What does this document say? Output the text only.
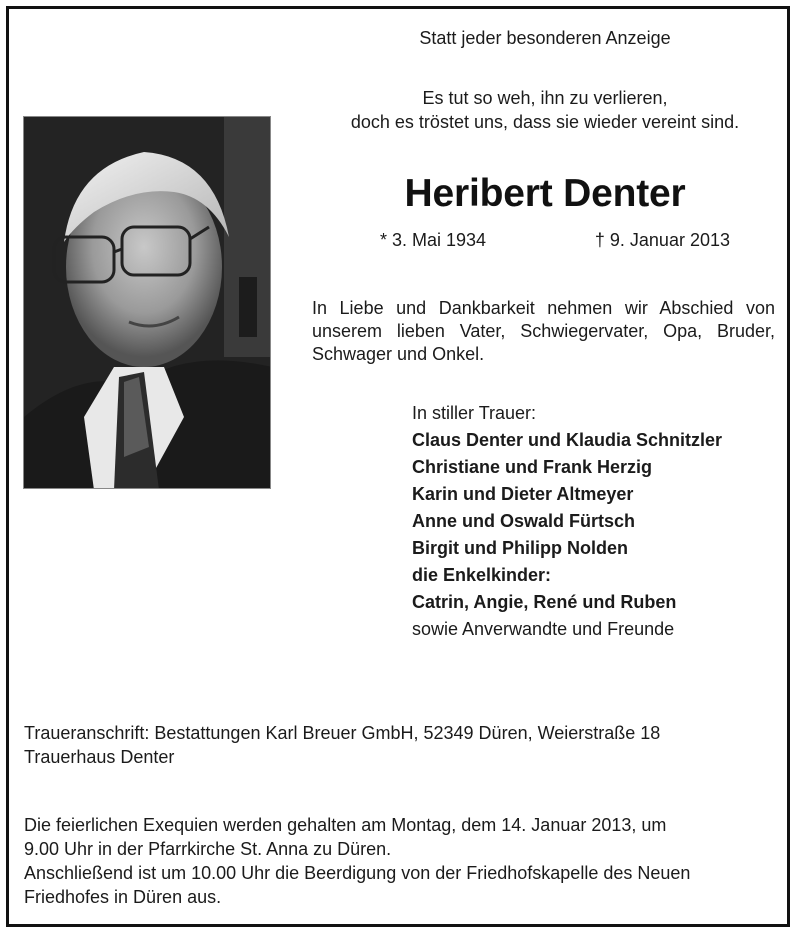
Statt jeder besonderen Anzeige
Es tut so weh, ihn zu verlieren,
doch es tröstet uns, dass sie wieder vereint sind.
Heribert Denter
* 3. Mai 1934	† 9. Januar 2013
In Liebe und Dankbarkeit nehmen wir Abschied von unserem lieben Vater, Schwiegervater, Opa, Bruder, Schwager und Onkel.
In stiller Trauer:
Claus Denter und Klaudia Schnitzler
Christiane und Frank Herzig
Karin und Dieter Altmeyer
Anne und Oswald Fürtsch
Birgit und Philipp Nolden
die Enkelkinder:
Catrin, Angie, René und Ruben
sowie Anverwandte und Freunde
Traueranschrift: Bestattungen Karl Breuer GmbH, 52349 Düren, Weierstraße 18
Trauerhaus Denter
Die feierlichen Exequien werden gehalten am Montag, dem 14. Januar 2013, um
9.00 Uhr in der Pfarrkirche St. Anna zu Düren.
Anschließend ist um 10.00 Uhr die Beerdigung von der Friedhofskapelle des Neuen
Friedhofes in Düren aus.
